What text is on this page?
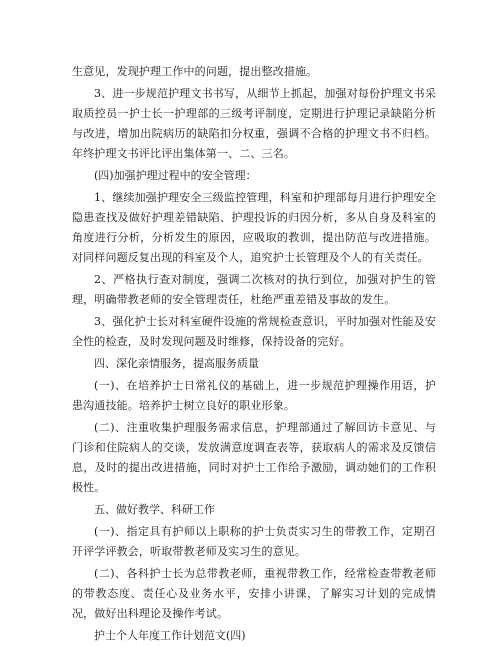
生意见，发现护理工作中的问题，提出整改措施。

3、进一步规范护理文书书写，从细节上抓起，加强对每份护理文书采取质控员一护士长一护理部的三级考评制度，定期进行护理记录缺陷分析与改进，增加出院病历的缺陷扣分权重，强调不合格的护理文书不归档。年终护理文书评比评出集体第一、二、三名。

(四)加强护理过程中的安全管理：

1、继续加强护理安全三级监控管理，科室和护理部每月进行护理安全隐患查找及做好护理差错缺陷、护理投诉的归因分析，多从自身及科室的角度进行分析，分析发生的原因，应吸取的教训，提出防范与改进措施。对同样问题反复出现的科室及个人，追究护士长管理及个人的有关责任。

2、严格执行查对制度，强调二次核对的执行到位，加强对护生的管理，明确带教老师的安全管理责任，杜绝严重差错及事故的发生。

3、强化护士长对科室硬件设施的常规检查意识，平时加强对性能及安全性的检查，及时发现问题及时维修，保持设备的完好。

四、深化亲情服务，提高服务质量

(一)、在培养护士日常礼仪的基础上，进一步规范护理操作用语，护患沟通技能。培养护士树立良好的职业形象。

(二)、注重收集护理服务需求信息，护理部通过了解回访卡意见、与门诊和住院病人的交谈，发放满意度调查表等，获取病人的需求及反馈信息，及时的提出改进措施，同时对护士工作给予激励，调动她们的工作积极性。

五、做好教学、科研工作

(一)、指定具有护师以上职称的护士负责实习生的带教工作，定期召开评学评教会，听取带教老师及实习生的意见。

(二)、各科护士长为总带教老师，重视带教工作，经常检查带教老师的带教态度、责任心及业务水平，安排小讲课，了解实习计划的完成情况，做好出科理论及操作考试。

护士个人年度工作计划范文(四)
